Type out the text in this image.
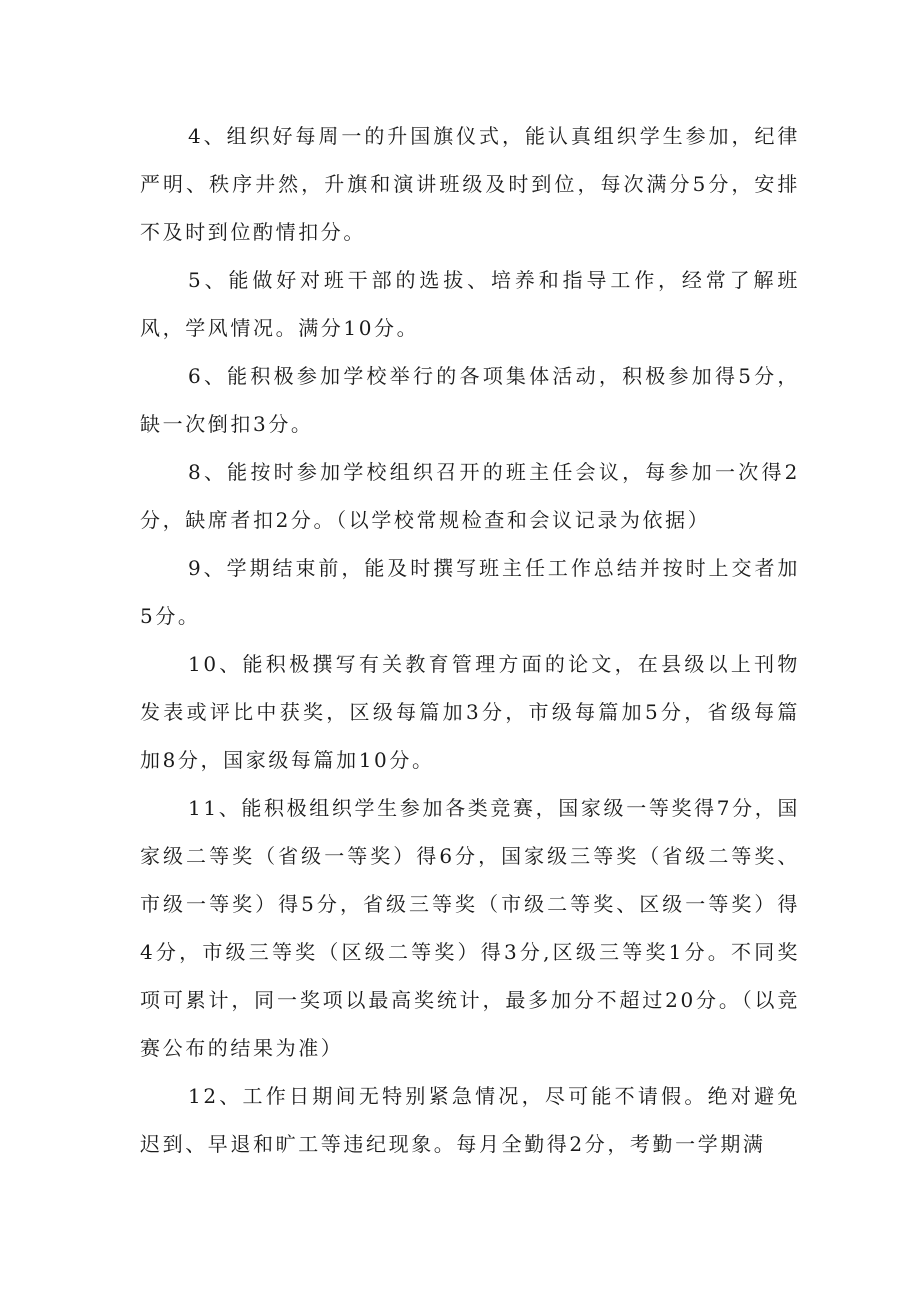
4、组织好每周一的升国旗仪式，能认真组织学生参加，纪律严明、秩序井然，升旗和演讲班级及时到位，每次满分5分，安排不及时到位酌情扣分。

5、能做好对班干部的选拔、培养和指导工作，经常了解班风，学风情况。满分10分。

6、能积极参加学校举行的各项集体活动，积极参加得5分，缺一次倒扣3分。

8、能按时参加学校组织召开的班主任会议，每参加一次得2分，缺席者扣2分。（以学校常规检查和会议记录为依据）

9、学期结束前，能及时撰写班主任工作总结并按时上交者加5分。

10、能积极撰写有关教育管理方面的论文，在县级以上刊物发表或评比中获奖，区级每篇加3分，市级每篇加5分，省级每篇加8分，国家级每篇加10分。

11、能积极组织学生参加各类竞赛，国家级一等奖得7分，国家级二等奖（省级一等奖）得6分，国家级三等奖（省级二等奖、市级一等奖）得5分，省级三等奖（市级二等奖、区级一等奖）得4分，市级三等奖（区级二等奖）得3分,区级三等奖1分。不同奖项可累计，同一奖项以最高奖统计，最多加分不超过20分。（以竞赛公布的结果为准）

12、工作日期间无特别紧急情况，尽可能不请假。绝对避免迟到、早退和旷工等违纪现象。每月全勤得2分，考勤一学期满
